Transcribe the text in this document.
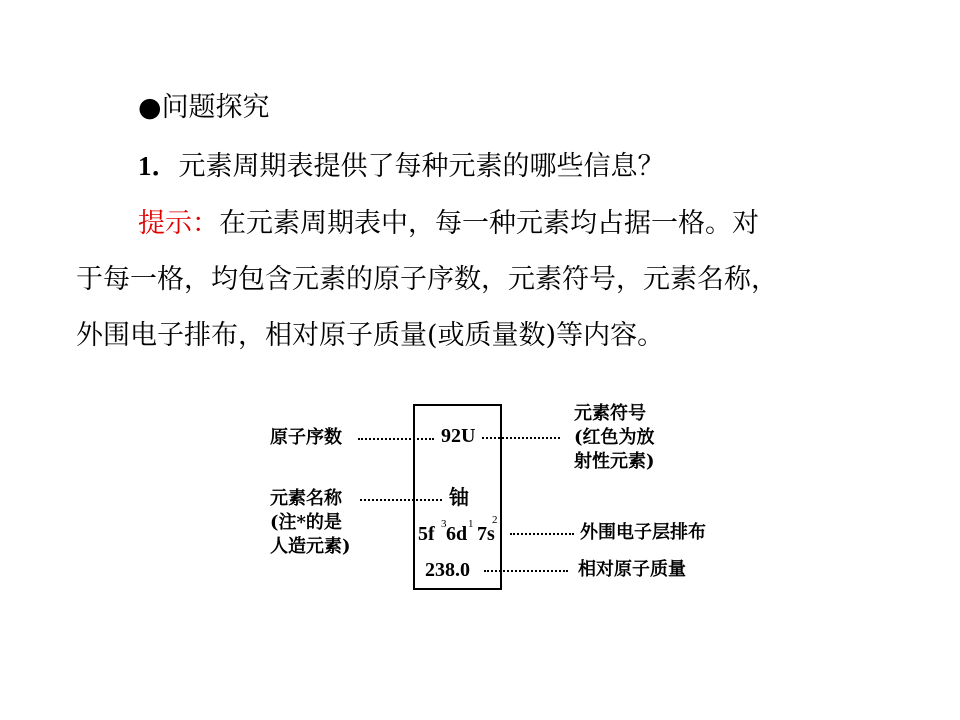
●问题探究
1．元素周期表提供了每种元素的哪些信息？
提示：在元素周期表中，每一种元素均占据一格。对
于每一格，均包含元素的原子序数，元素符号，元素名称，
外围电子排布，相对原子质量(或质量数)等内容。
原子序数
元素名称
(注*的是
人造元素)
92U
铀
5f 3 6d 1 7s
2
238.0
元素符号
(红色为放
射性元素)
外围电子层排布
相对原子质量
